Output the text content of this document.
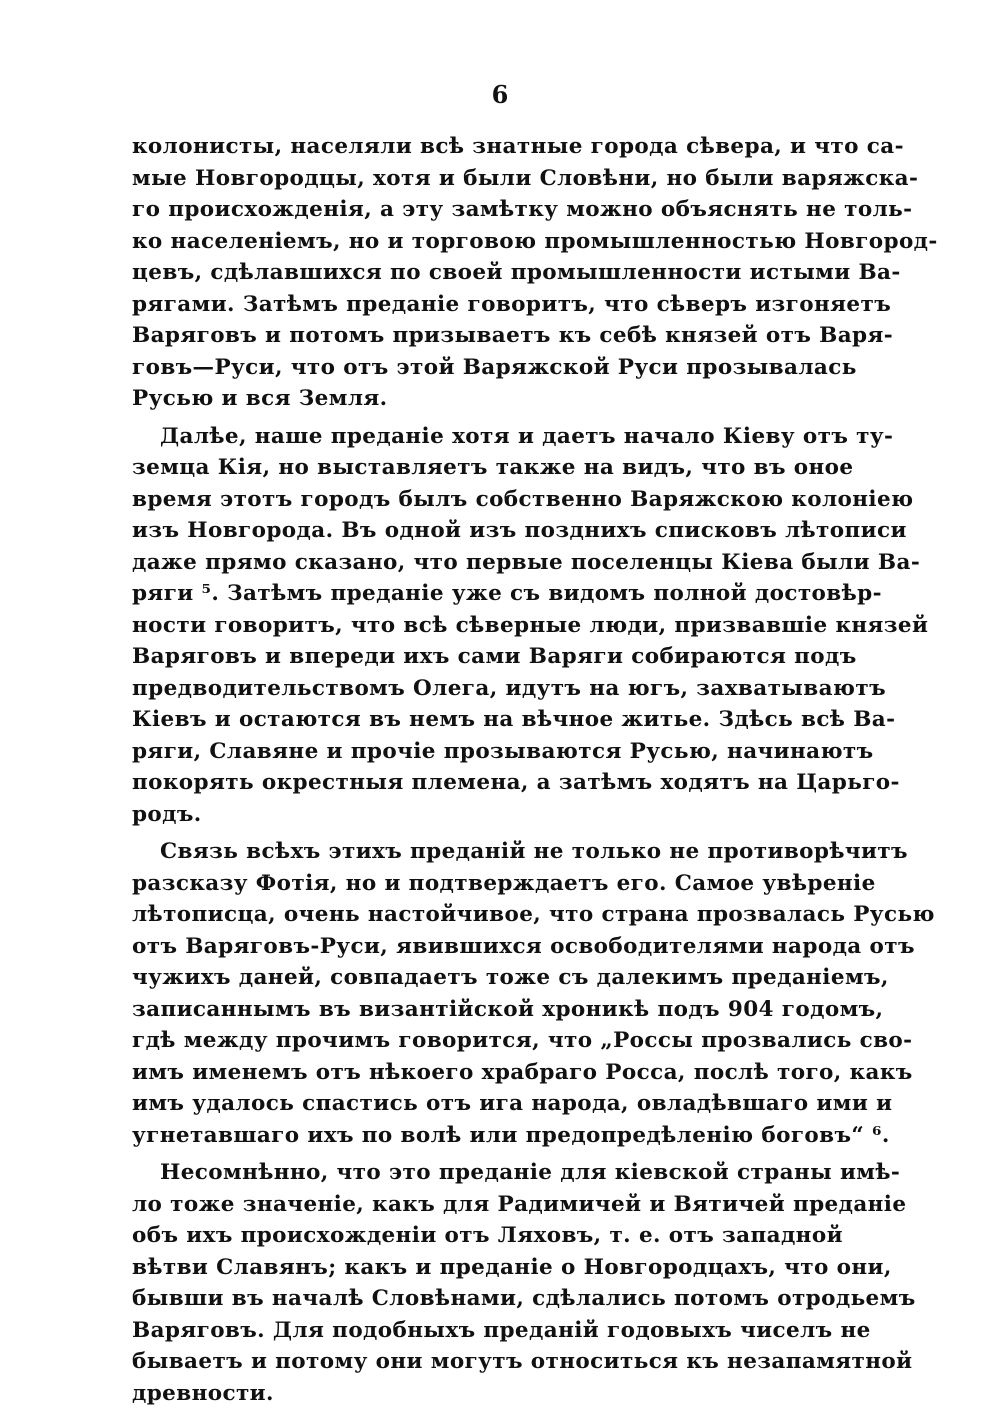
6
колонисты, населяли всѣ знатные города сѣвера, и что са-
мые Новгородцы, хотя и были Словѣни, но были варяжска-
го происхожденія, а эту замѣтку можно объяснять не толь-
ко населеніемъ, но и торговою промышленностью Новгород-
цевъ, сдѣлавшихся по своей промышленности истыми Ва-
рягами. Затѣмъ преданіе говоритъ, что сѣверъ изгоняетъ
Варяговъ и потомъ призываетъ къ себѣ князей отъ Варя-
говъ—Руси, что отъ этой Варяжской Руси прозывалась
Русью и вся Земля.
Далѣе, наше преданіе хотя и даетъ начало Кіеву отъ ту-
земца Кія, но выставляетъ также на видъ, что въ оное
время этотъ городъ былъ собственно Варяжскою колоніею
изъ Новгорода. Въ одной изъ позднихъ списковъ лѣтописи
даже прямо сказано, что первые поселенцы Кіева были Ва-
ряги ⁵. Затѣмъ преданіе уже съ видомъ полной достовѣр-
ности говоритъ, что всѣ сѣверные люди, призвавшіе князей
Варяговъ и впереди ихъ сами Варяги собираются подъ
предводительствомъ Олега, идутъ на югъ, захватываютъ
Кіевъ и остаются въ немъ на вѣчное житье. Здѣсь всѣ Ва-
ряги, Славяне и прочіе прозываются Русью, начинаютъ
покорять окрестныя племена, а затѣмъ ходятъ на Царьго-
родъ.
Связь всѣхъ этихъ преданій не только не противорѣчитъ
разсказу Фотія, но и подтверждаетъ его. Самое увѣреніе
лѣтописца, очень настойчивое, что страна прозвалась Русью
отъ Варяговъ-Руси, явившихся освободителями народа отъ
чужихъ даней, совпадаетъ тоже съ далекимъ преданіемъ,
записаннымъ въ византійской хроникѣ подъ 904 годомъ,
гдѣ между прочимъ говорится, что „Россы прозвались сво-
имъ именемъ отъ нѣкоего храбраго Росса, послѣ того, какъ
имъ удалось спастись отъ ига народа, овладѣвшаго ими и
угнетавшаго ихъ по волѣ или предопредѣленію боговъ“ ⁶.
Несомнѣнно, что это преданіе для кіевской страны имѣ-
ло тоже значеніе, какъ для Радимичей и Вятичей преданіе
объ ихъ происхожденіи отъ Ляховъ, т. е. отъ западной
вѣтви Славянъ; какъ и преданіе о Новгородцахъ, что они,
бывши въ началѣ Словѣнами, сдѣлались потомъ отродьемъ
Варяговъ. Для подобныхъ преданій годовыхъ чиселъ не
бываетъ и потому они могутъ относиться къ незапамятной
древности.
